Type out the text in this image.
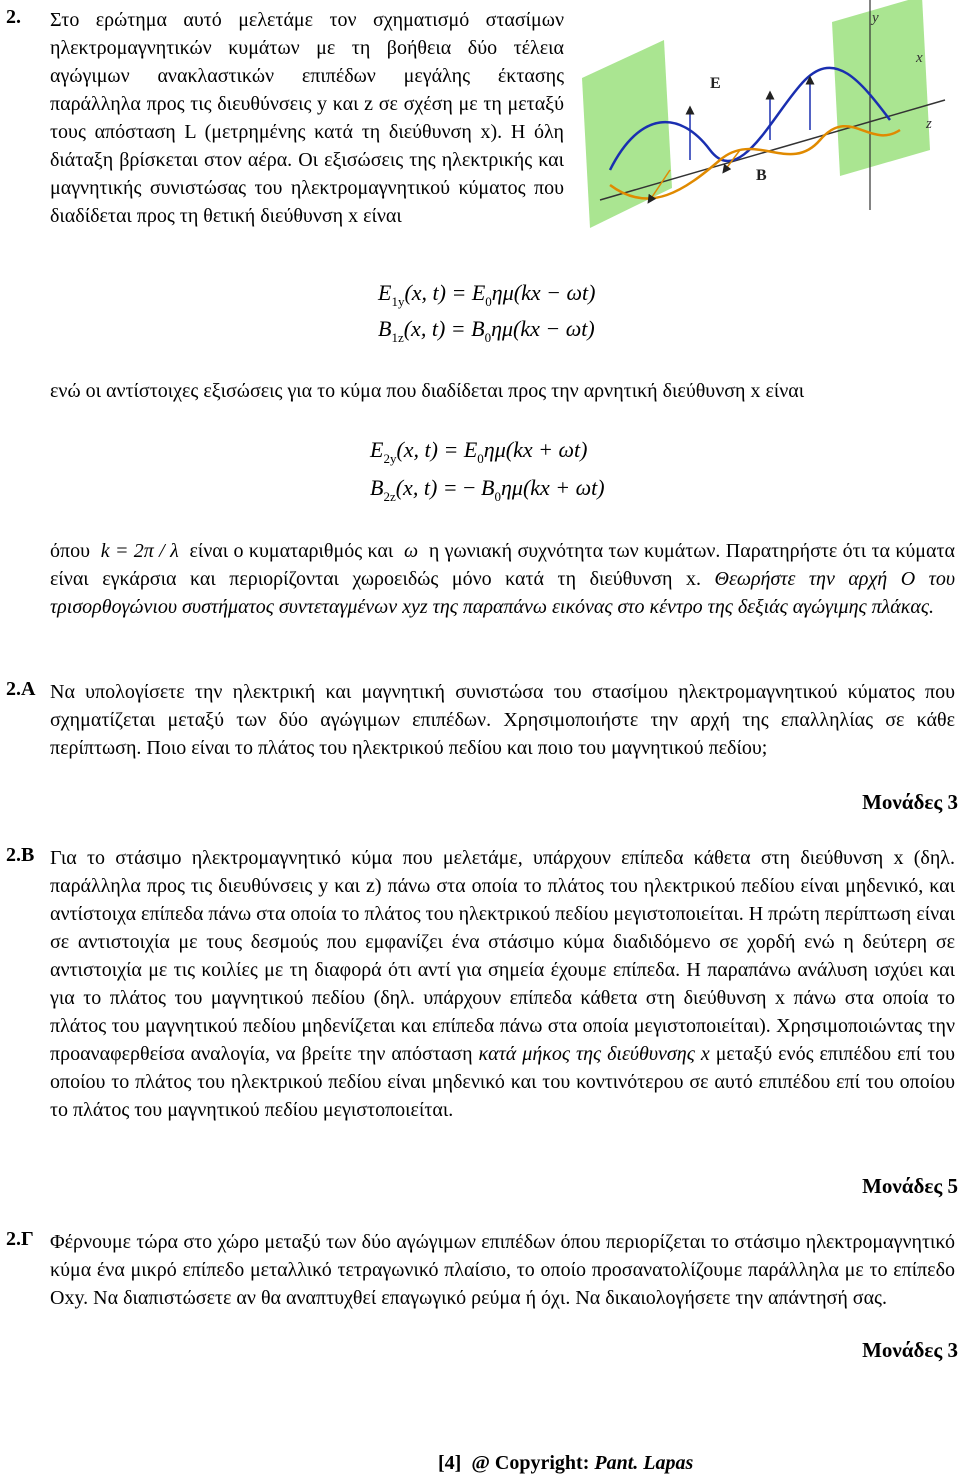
2. Στο ερώτημα αυτό μελετάμε τον σχηματισμό στασίμων ηλεκτρομαγνητικών κυμάτων με τη βοήθεια δύο τέλεια αγώγιμων ανακλαστικών επιπέδων μεγάλης έκτασης παράλληλα προς τις διευθύνσεις y και z σε σχέση με τη μεταξύ τους απόσταση L (μετρημένης κατά τη διεύθυνση x). Η όλη διάταξη βρίσκεται στον αέρα. Οι εξισώσεις της ηλεκτρικής και μαγνητικής συνιστώσας του ηλεκτρομαγνητικού κύματος που διαδίδεται προς τη θετική διεύθυνση x είναι
y
x
z
E
B
$E_{1y}(x$, $t) = E_0\eta\mu(kx - \omega t)$
$B_{1z}(x$, $t) = B_0\eta\mu(kx - \omega t)$
ενώ οι αντίστοιχες εξισώσεις για το κύμα που διαδίδεται προς την αρνητική διεύθυνση x είναι
$E_{2y}(x$, $t) = E_0\eta\mu(kx + \omega t)$
$B_{2z}(x$, t) = − $B_0\eta\mu(kx + \omega t)$
όπου k = 2π / λ είναι ο κυματαριθμός και ω η γωνιακή συχνότητα των κυμάτων. Παρατηρήστε ότι τα κύματα είναι εγκάρσια και περιορίζονται χωροειδώς μόνο κατά τη διεύθυνση x. Θεωρήστε την αρχή O του τρισορθογώνιου συστήματος συντεταγμένων xyz της παραπάνω εικόνας στο κέντρο της δεξιάς αγώγιμης πλάκας.
2.Α Να υπολογίσετε την ηλεκτρική και μαγνητική συνιστώσα του στασίμου ηλεκτρομαγνητικού κύματος που σχηματίζεται μεταξύ των δύο αγώγιμων επιπέδων. Χρησιμοποιήστε την αρχή της επαλληλίας σε κάθε περίπτωση. Ποιο είναι το πλάτος του ηλεκτρικού πεδίου και ποιο του μαγνητικού πεδίου;
Μονάδες 3
2.Β Για το στάσιμο ηλεκτρομαγνητικό κύμα που μελετάμε, υπάρχουν επίπεδα κάθετα στη διεύθυνση x (δηλ. παράλληλα προς τις διευθύνσεις y και z) πάνω στα οποία το πλάτος του ηλεκτρικού πεδίου είναι μηδενικό, και αντίστοιχα επίπεδα πάνω στα οποία το πλάτος του ηλεκτρικού πεδίου μεγιστοποιείται. Η πρώτη περίπτωση είναι σε αντιστοιχία με τους δεσμούς που εμφανίζει ένα στάσιμο κύμα διαδιδόμενο σε χορδή ενώ η δεύτερη σε αντιστοιχία με τις κοιλίες με τη διαφορά ότι αντί για σημεία έχουμε επίπεδα. Η παραπάνω ανάλυση ισχύει και για το πλάτος του μαγνητικού πεδίου (δηλ. υπάρχουν επίπεδα κάθετα στη διεύθυνση x πάνω στα οποία το πλάτος του μαγνητικού πεδίου μηδενίζεται και επίπεδα πάνω στα οποία μεγιστοποιείται). Χρησιμοποιώντας την προαναφερθείσα αναλογία, να βρείτε την απόσταση κατά μήκος της διεύθυνσης x μεταξύ ενός επιπέδου επί του οποίου το πλάτος του ηλεκτρικού πεδίου είναι μηδενικό και του κοντινότερου σε αυτό επιπέδου επί του οποίου το πλάτος του μαγνητικού πεδίου μεγιστοποιείται.
Μονάδες 5
2.Γ Φέρνουμε τώρα στο χώρο μεταξύ των δύο αγώγιμων επιπέδων όπου περιορίζεται το στάσιμο ηλεκτρομαγνητικό κύμα ένα μικρό επίπεδο μεταλλικό τετραγωνικό πλαίσιο, το οποίο προσανατολίζουμε παράλληλα με το επίπεδο Oxy. Να διαπιστώσετε αν θα αναπτυχθεί επαγωγικό ρεύμα ή όχι. Να δικαιολογήσετε την απάντησή σας.
Μονάδες 3
[4] @ Copyright: Pant. Lapas
